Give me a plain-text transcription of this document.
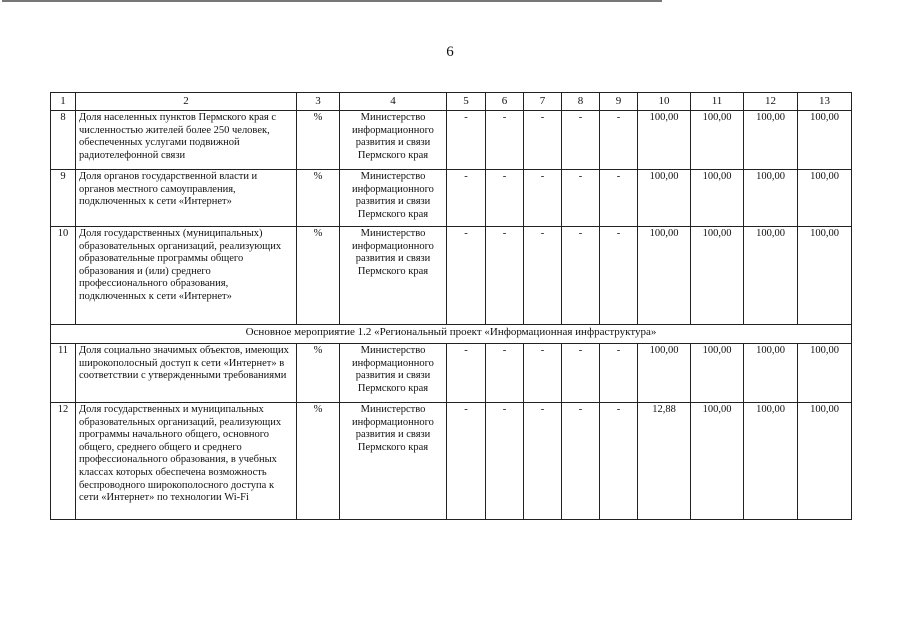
6
1	2	3	4	5	6	7	8	9	10	11	12	13
8	Доля населенных пунктов Пермского края с численностью жителей более 250 человек, обеспеченных услугами подвижной радиотелефонной связи	%	Министерство информационного развития и связи Пермского края	-	-	-	-	-	100,00	100,00	100,00	100,00
9	Доля органов государственной власти и органов местного самоуправления, подключенных к сети «Интернет»	%	Министерство информационного развития и связи Пермского края	-	-	-	-	-	100,00	100,00	100,00	100,00
10	Доля государственных (муниципальных) образовательных организаций, реализующих образовательные программы общего образования и (или) среднего профессионального образования, подключенных к сети «Интернет»	%	Министерство информационного развития и связи Пермского края	-	-	-	-	-	100,00	100,00	100,00	100,00
Основное мероприятие 1.2 «Региональный проект «Информационная инфраструктура»												
11	Доля социально значимых объектов, имеющих широкополосный доступ к сети «Интернет» в соответствии с утвержденными требованиями	%	Министерство информационного развития и связи Пермского края	-	-	-	-	-	100,00	100,00	100,00	100,00
12	Доля государственных и муниципальных образовательных организаций, реализующих программы начального общего, основного общего, среднего общего и среднего профессионального образования, в учебных классах которых обеспечена возможность беспроводного широкополосного доступа к сети «Интернет» по технологии Wi-Fi	%	Министерство информационного развития и связи Пермского края	-	-	-	-	-	12,88	100,00	100,00	100,00
